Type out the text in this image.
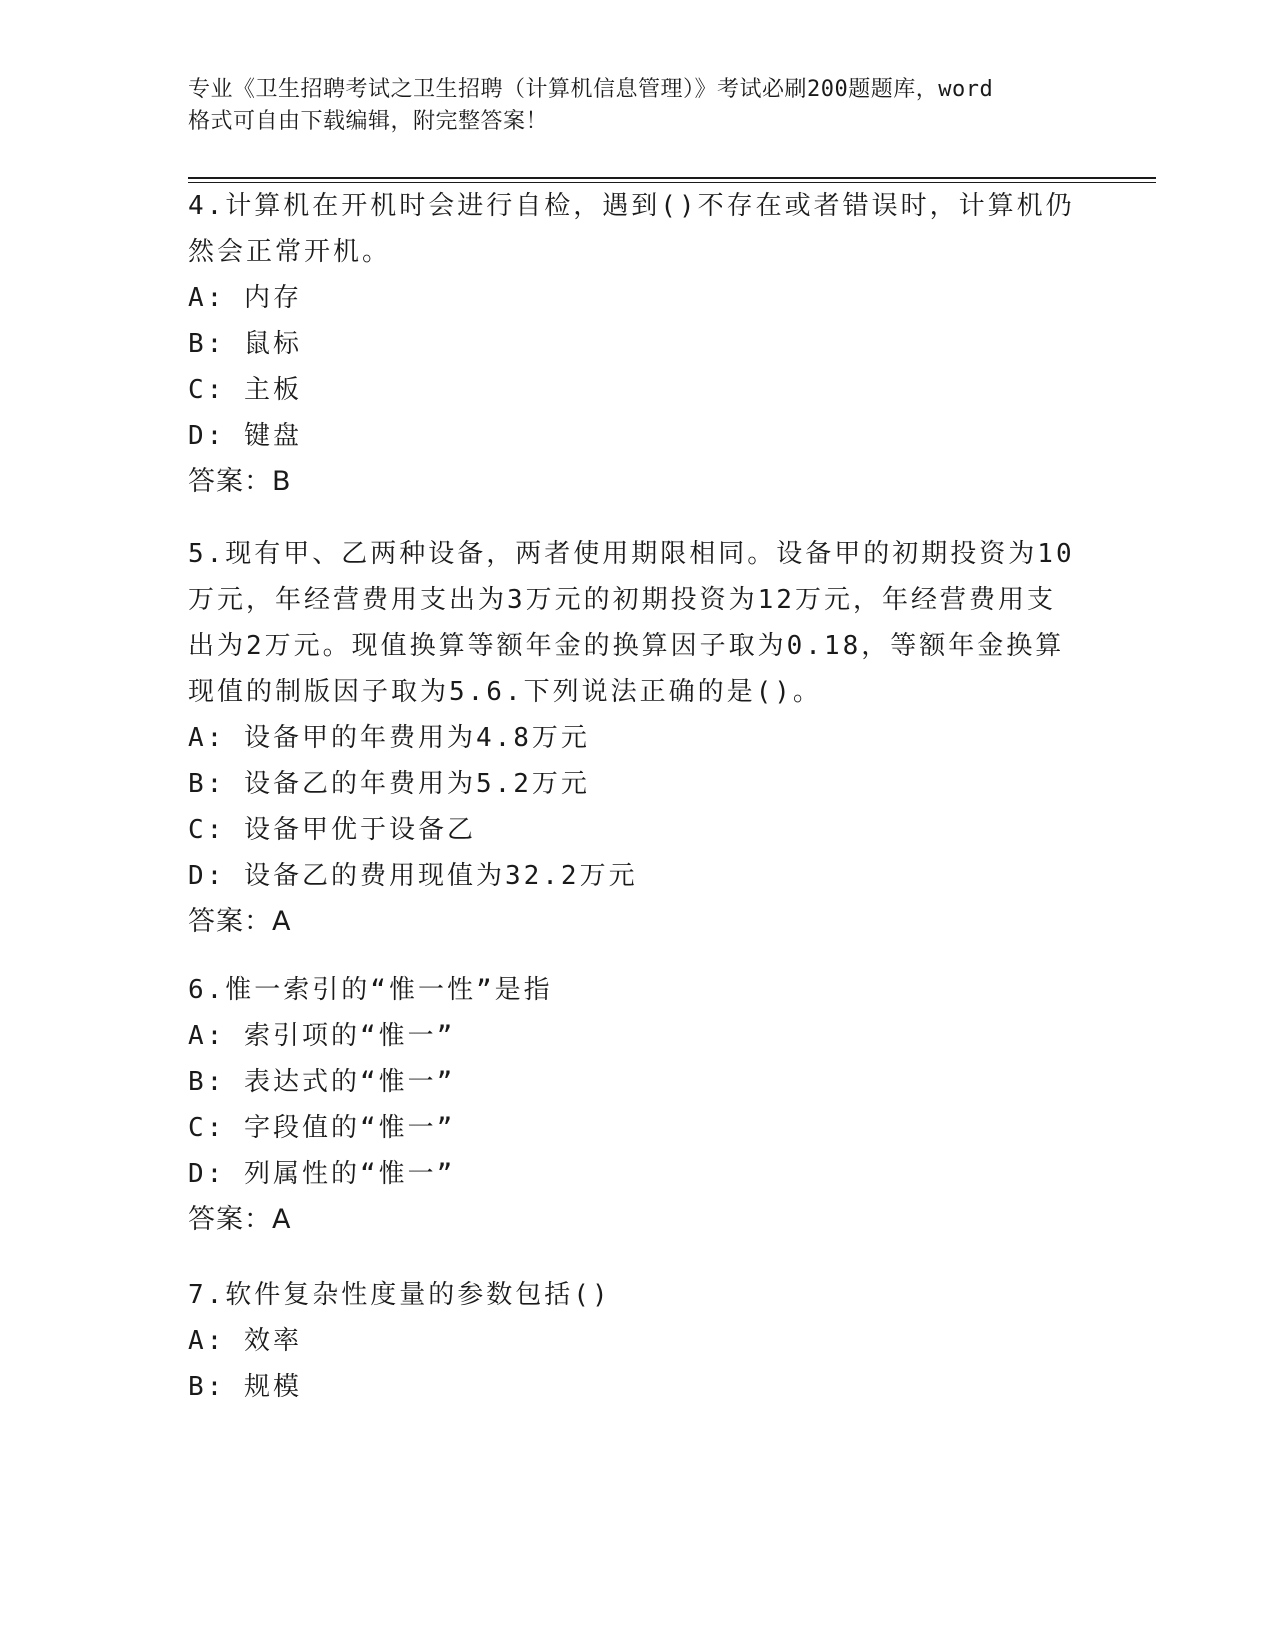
专业《卫生招聘考试之卫生招聘（计算机信息管理）》考试必刷200题题库，word
格式可自由下载编辑，附完整答案！

4.计算机在开机时会进行自检，遇到()不存在或者错误时，计算机仍

然会正常开机。

A: 内存

B: 鼠标

C: 主板

D: 键盘

答案：B

5.现有甲、乙两种设备，两者使用期限相同。设备甲的初期投资为10

万元，年经营费用支出为3万元的初期投资为12万元，年经营费用支

出为2万元。现值换算等额年金的换算因子取为0.18，等额年金换算

现值的制版因子取为5.6.下列说法正确的是()。

A: 设备甲的年费用为4.8万元

B: 设备乙的年费用为5.2万元

C: 设备甲优于设备乙

D: 设备乙的费用现值为32.2万元

答案：A

6.惟一索引的“惟一性”是指

A: 索引项的“惟一”

B: 表达式的“惟一”

C: 字段值的“惟一”

D: 列属性的“惟一”

答案：A

7.软件复杂性度量的参数包括()

A: 效率

B: 规模
